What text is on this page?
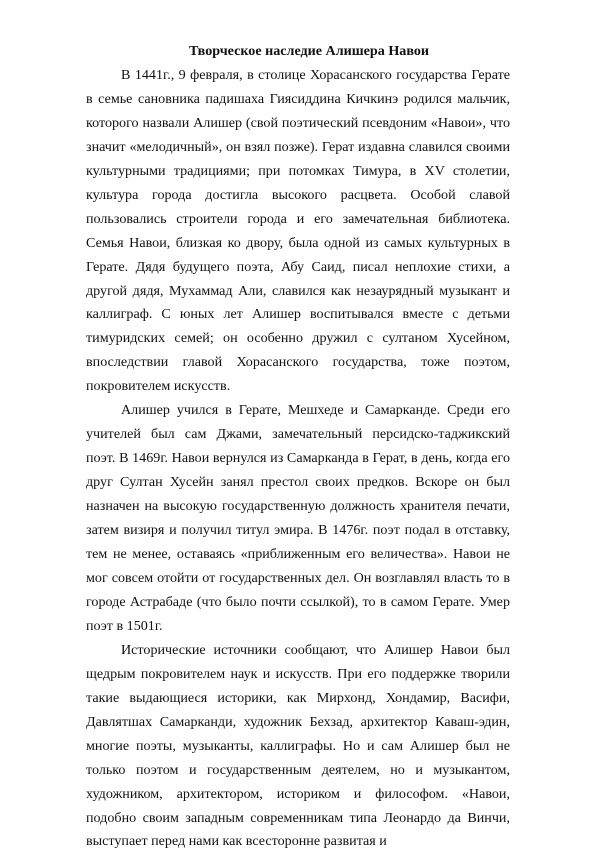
Творческое наследие Алишера Навои

В 1441г., 9 февраля, в столице Хорасанского государства Герате в семье сановника падишаха Гиясиддина Кичкинэ родился мальчик, которого назвали Алишер (свой поэтический псевдоним «Навои», что значит «мелодичный», он взял позже). Герат издавна славился своими культурными традициями; при потомках Тимура, в XV столетии, культура города достигла высокого расцвета. Особой славой пользовались строители города и его замечательная библиотека. Семья Навои, близкая ко двору, была одной из самых культурных в Герате. Дядя будущего поэта, Абу Саид, писал неплохие стихи, а другой дядя, Мухаммад Али, славился как незаурядный музыкант и каллиграф. С юных лет Алишер воспитывался вместе с детьми тимуридских семей; он особенно дружил с султаном Хусейном, впоследствии главой Хорасанского государства, тоже поэтом, покровителем искусств.

Алишер учился в Герате, Мешхеде и Самарканде. Среди его учителей был сам Джами, замечательный персидско-таджикский поэт. В 1469г. Навои вернулся из Самарканда в Герат, в день, когда его друг Султан Хусейн занял престол своих предков. Вскоре он был назначен на высокую государственную должность хранителя печати, затем визиря и получил титул эмира. В 1476г. поэт подал в отставку, тем не менее, оставаясь «приближенным его величества». Навои не мог совсем отойти от государственных дел. Он возглавлял власть то в городе Астрабаде (что было почти ссылкой), то в самом Герате. Умер поэт в 1501г.

Исторические источники сообщают, что Алишер Навои был щедрым покровителем наук и искусств. При его поддержке творили такие выдающиеся историки, как Мирхонд, Хондамир, Васифи, Давлятшах Самарканди, художник Бехзад, архитектор Каваш-эдин, многие поэты, музыканты, каллиграфы. Но и сам Алишер был не только поэтом и государственным деятелем, но и музыкантом, художником, архитектором, историком и философом. «Навои, подобно своим западным современникам типа Леонардо да Винчи, выступает перед нами как всесторонне развитая и
